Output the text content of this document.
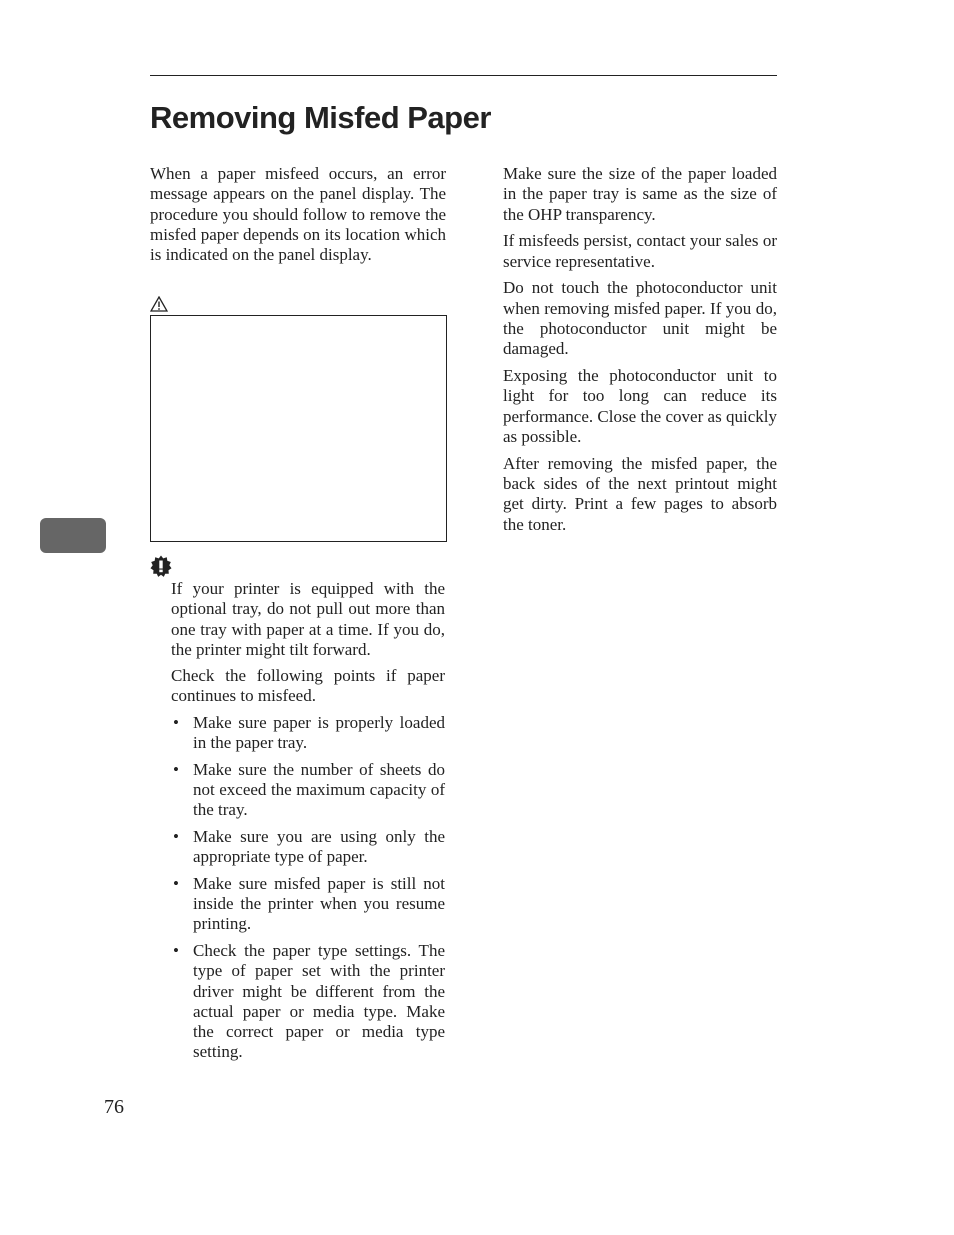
Removing Misfed Paper

When a paper misfeed occurs, an error message appears on the panel display. The procedure you should follow to remove the misfed paper depends on its location which is indicated on the panel display.

If your printer is equipped with the optional tray, do not pull out more than one tray with paper at a time. If you do, the printer might tilt forward.

Check the following points if paper continues to misfeed.

• Make sure paper is properly loaded in the paper tray.

• Make sure the number of sheets do not exceed the maximum capacity of the tray.

• Make sure you are using only the appropriate type of paper.

• Make sure misfed paper is still not inside the printer when you resume printing.

• Check the paper type settings. The type of paper set with the printer driver might be different from the actual paper or media type. Make the correct paper or media type setting.

Make sure the size of the paper loaded in the paper tray is same as the size of the OHP transparency.

If misfeeds persist, contact your sales or service representative.

Do not touch the photoconductor unit when removing misfed paper. If you do, the photoconductor unit might be damaged.

Exposing the photoconductor unit to light for too long can reduce its performance. Close the cover as quickly as possible.

After removing the misfed paper, the back sides of the next printout might get dirty. Print a few pages to absorb the toner.

76
